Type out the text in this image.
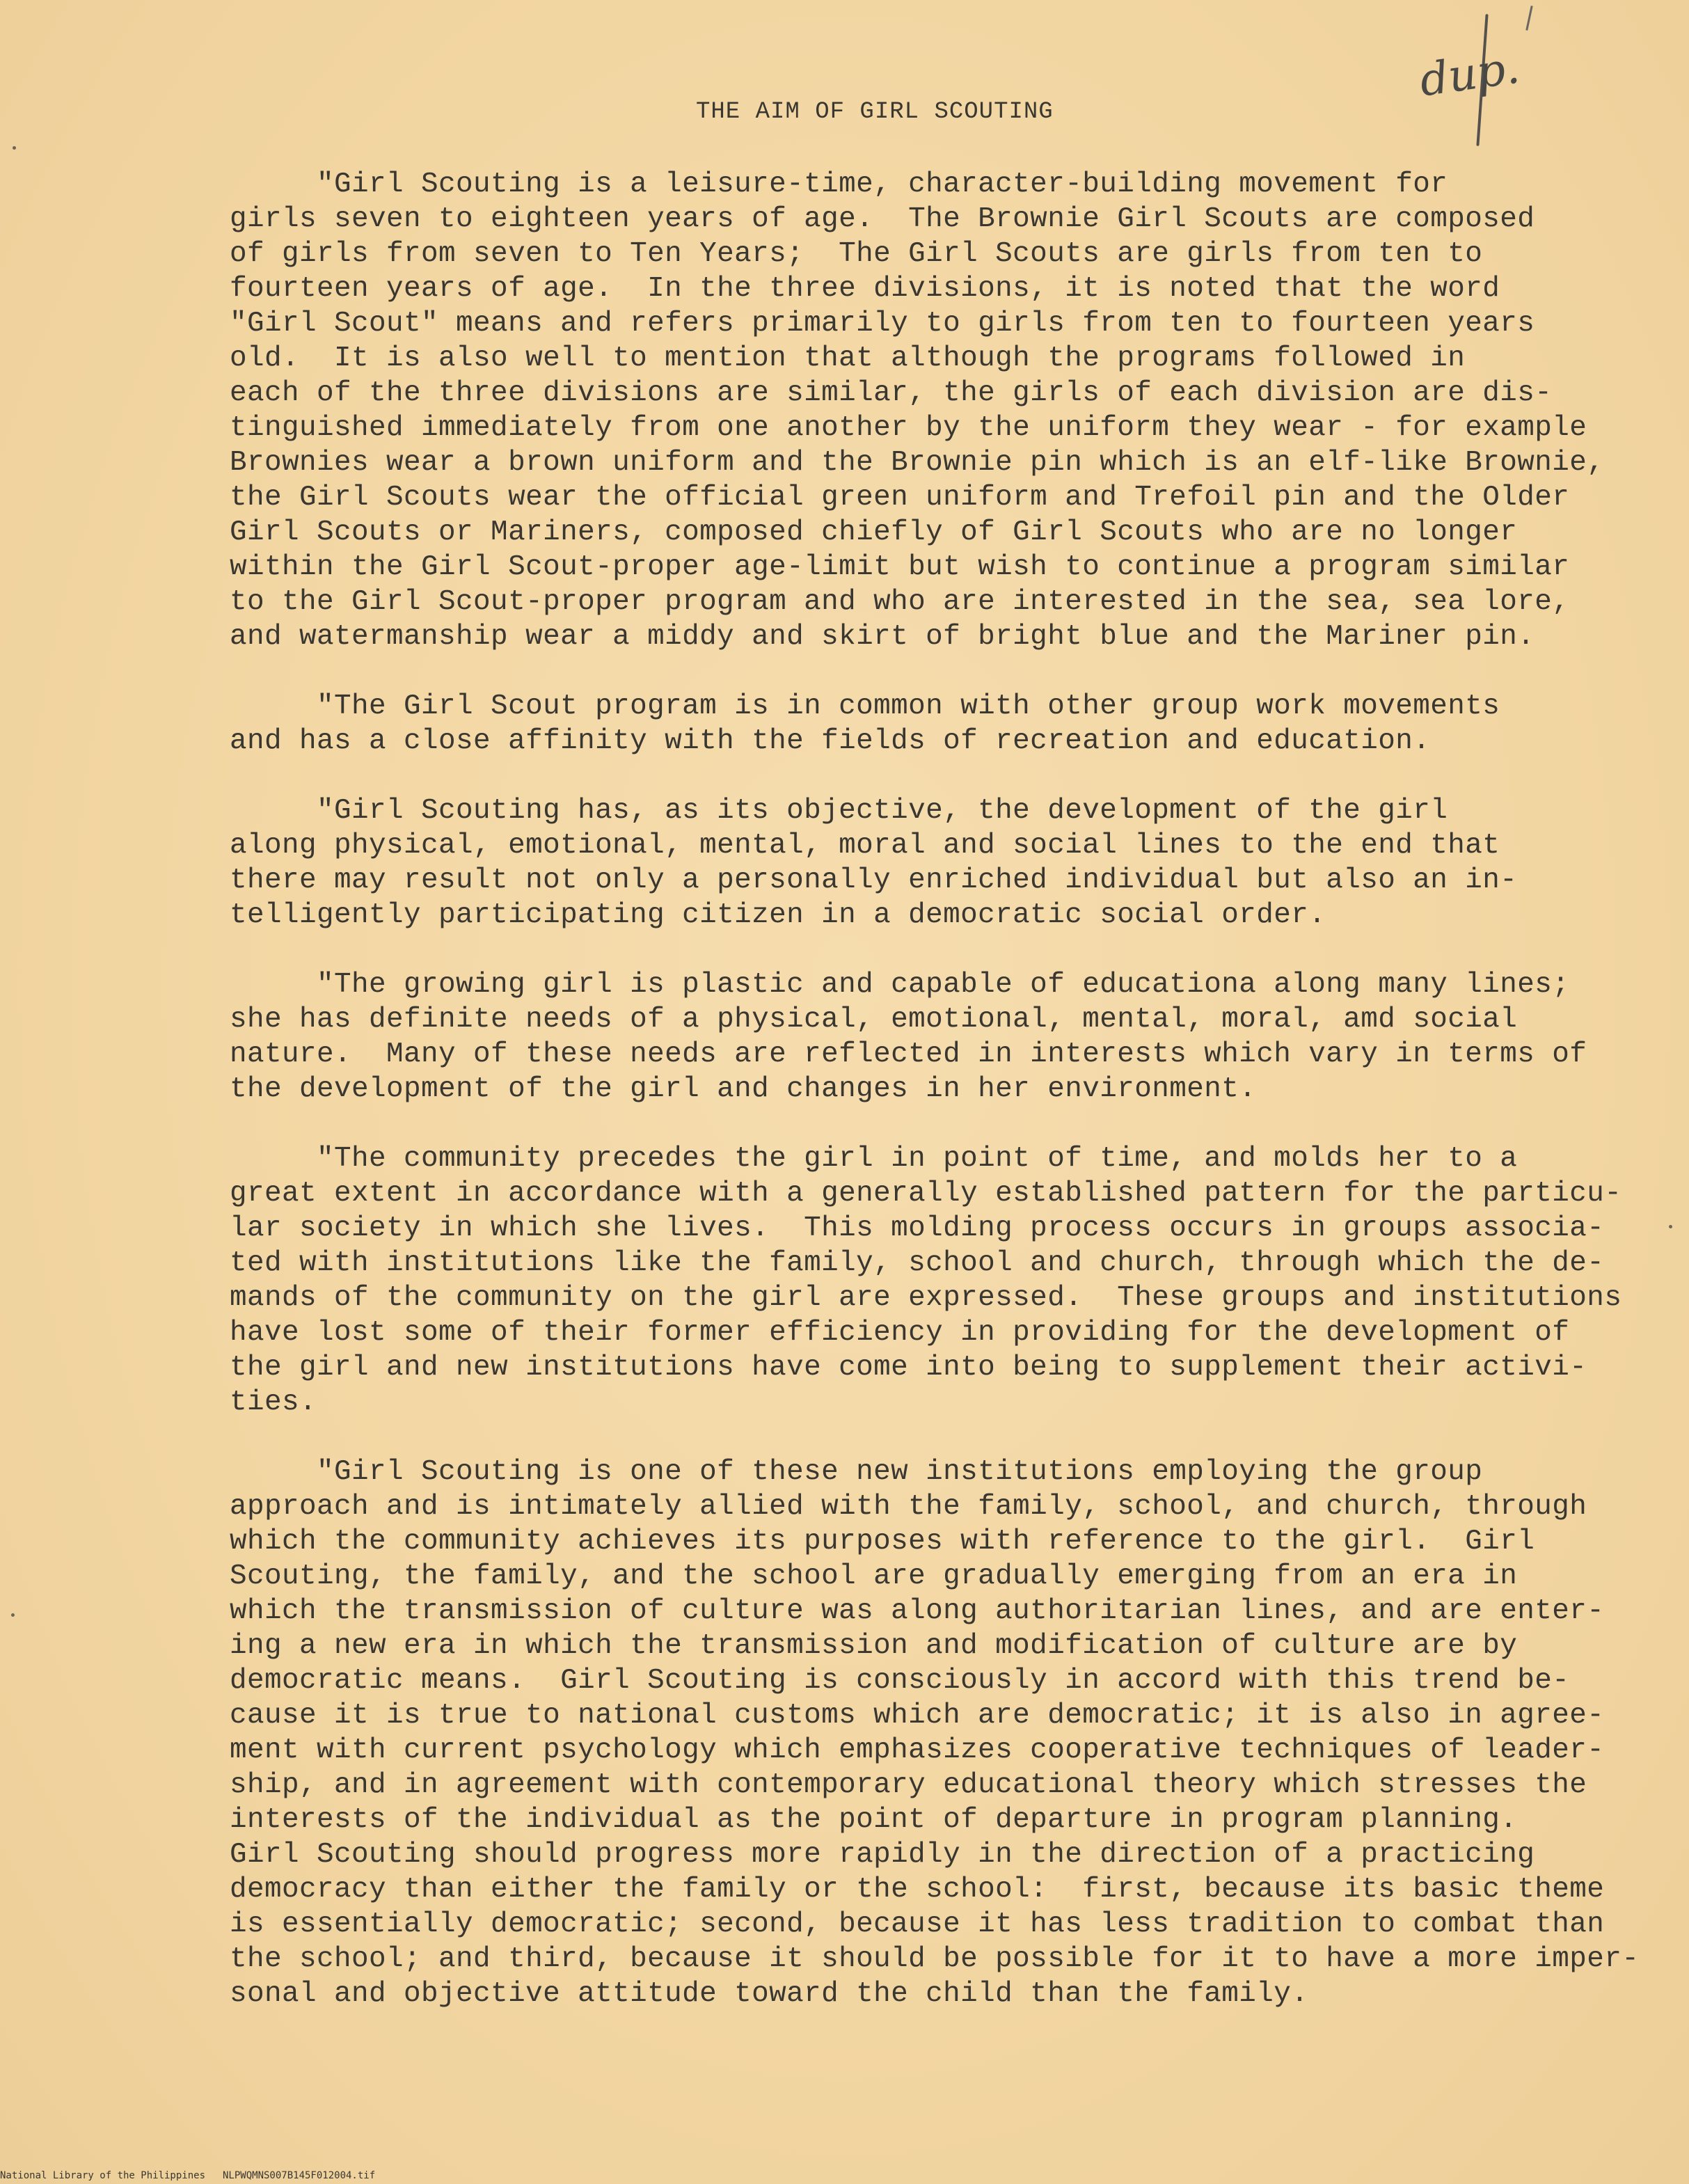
dup.
THE AIM OF GIRL SCOUTING
"Girl Scouting is a leisure-time, character-building movement for
girls seven to eighteen years of age.  The Brownie Girl Scouts are composed
of girls from seven to Ten Years;  The Girl Scouts are girls from ten to
fourteen years of age.  In the three divisions, it is noted that the word
"Girl Scout" means and refers primarily to girls from ten to fourteen years
old.  It is also well to mention that although the programs followed in
each of the three divisions are similar, the girls of each division are dis-
tinguished immediately from one another by the uniform they wear - for example
Brownies wear a brown uniform and the Brownie pin which is an elf-like Brownie,
the Girl Scouts wear the official green uniform and Trefoil pin and the Older
Girl Scouts or Mariners, composed chiefly of Girl Scouts who are no longer
within the Girl Scout-proper age-limit but wish to continue a program similar
to the Girl Scout-proper program and who are interested in the sea, sea lore,
and watermanship wear a middy and skirt of bright blue and the Mariner pin.
"The Girl Scout program is in common with other group work movements
and has a close affinity with the fields of recreation and education.
"Girl Scouting has, as its objective, the development of the girl
along physical, emotional, mental, moral and social lines to the end that
there may result not only a personally enriched individual but also an in-
telligently participating citizen in a democratic social order.
"The growing girl is plastic and capable of educationa along many lines;
she has definite needs of a physical, emotional, mental, moral, amd social
nature.  Many of these needs are reflected in interests which vary in terms of
the development of the girl and changes in her environment.
"The community precedes the girl in point of time, and molds her to a
great extent in accordance with a generally established pattern for the particu-
lar society in which she lives.  This molding process occurs in groups associa-
ted with institutions like the family, school and church, through which the de-
mands of the community on the girl are expressed.  These groups and institutions
have lost some of their former efficiency in providing for the development of
the girl and new institutions have come into being to supplement their activi-
ties.
"Girl Scouting is one of these new institutions employing the group
approach and is intimately allied with the family, school, and church, through
which the community achieves its purposes with reference to the girl.  Girl
Scouting, the family, and the school are gradually emerging from an era in
which the transmission of culture was along authoritarian lines, and are enter-
ing a new era in which the transmission and modification of culture are by
democratic means.  Girl Scouting is consciously in accord with this trend be-
cause it is true to national customs which are democratic; it is also in agree-
ment with current psychology which emphasizes cooperative techniques of leader-
ship, and in agreement with contemporary educational theory which stresses the
interests of the individual as the point of departure in program planning.
Girl Scouting should progress more rapidly in the direction of a practicing
democracy than either the family or the school:  first, because its basic theme
is essentially democratic; second, because it has less tradition to combat than
the school; and third, because it should be possible for it to have a more imper-
sonal and objective attitude toward the child than the family.
National Library of the Philippines NLPWQMNS007B145F012004.tif
